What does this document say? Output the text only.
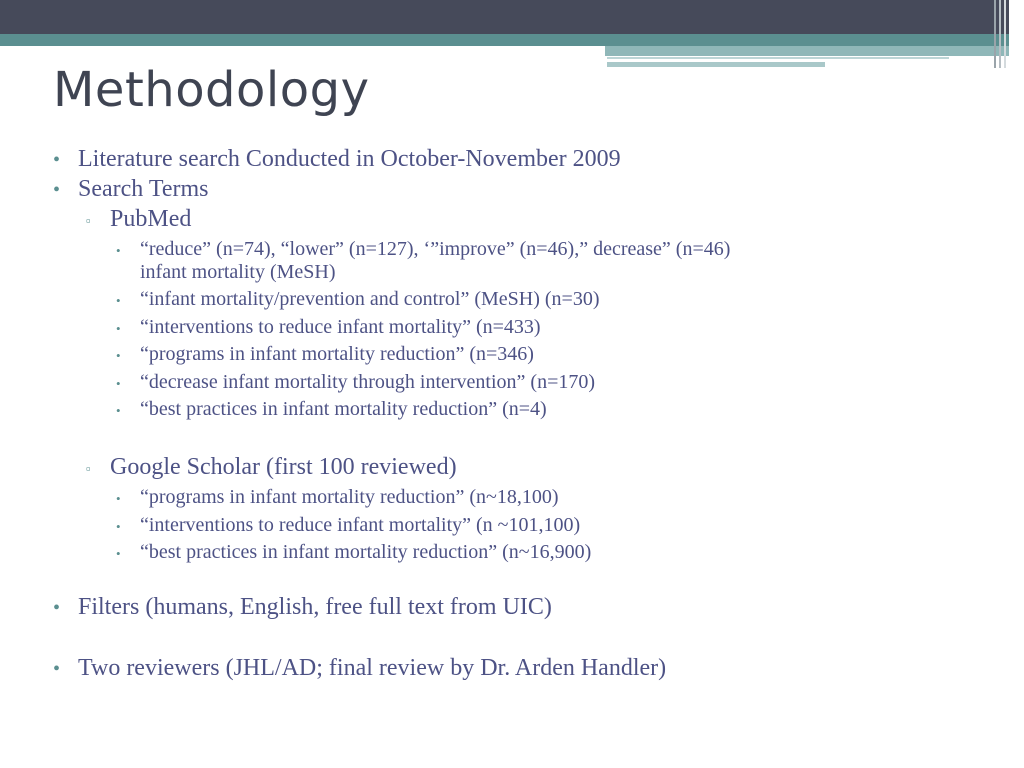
Methodology
• Literature search Conducted in October-November 2009
• Search Terms
▫ PubMed
• “reduce” (n=74), “lower” (n=127), ‘”improve” (n=46),” decrease” (n=46)
infant mortality (MeSH)
• “infant mortality/prevention and control” (MeSH) (n=30)
• “interventions to reduce infant mortality” (n=433)
• “programs in infant mortality reduction” (n=346)
• “decrease infant mortality through intervention” (n=170)
• “best practices in infant mortality reduction” (n=4)
▫ Google Scholar (first 100 reviewed)
• “programs in infant mortality reduction” (n~18,100)
• “interventions to reduce infant mortality” (n ~101,100)
• “best practices in infant mortality reduction” (n~16,900)
• Filters (humans, English, free full text from UIC)
• Two reviewers (JHL/AD; final review by Dr. Arden Handler)
